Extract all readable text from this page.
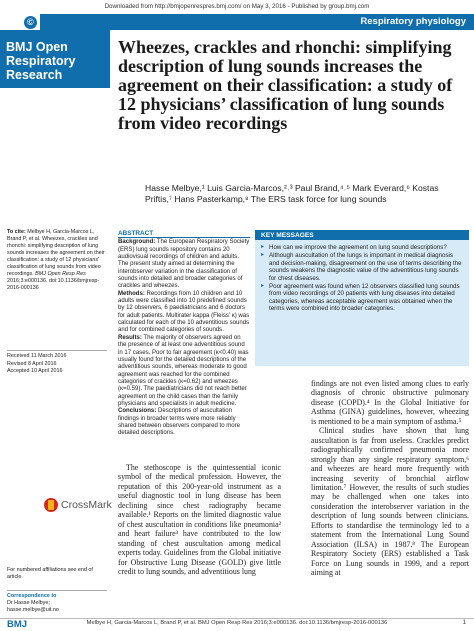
Downloaded from http://bmjopenrespres.bmj.com/ on May 3, 2016 - Published by group.bmj.com
Respiratory physiology
©
BMJ Open
Respiratory
Research
Wheezes, crackles and rhonchi: simplifying description of lung sounds increases the agreement on their classification: a study of 12 physicians’ classification of lung sounds from video recordings
Hasse Melbye,¹ Luis Garcia-Marcos,²˒³ Paul Brand,⁴˒⁵ Mark Everard,⁶ Kostas Priftis,⁷ Hans Pasterkamp,⁸ The ERS task force for lung sounds
To cite: Melbye H, Garcia-Marcos L, Brand P, et al. Wheezes, crackles and rhonchi: simplifying description of lung sounds increases the agreement on their classification: a study of 12 physicians’ classification of lung sounds from video recordings. BMJ Open Resp Res 2016;3:e000136. doi:10.1136/bmjresp-2016-000136
Received 11 March 2016
Revised 8 April 2016
Accepted 10 April 2016
ABSTRACT

Background: The European Respiratory Society (ERS) lung sounds repository contains 20 audiovisual recordings of children and adults. The present study aimed at determining the interobserver variation in the classification of sounds into detailed and broader categories of crackles and wheezes.

Methods: Recordings from 10 children and 10 adults were classified into 10 predefined sounds by 12 observers, 6 paediatricians and 6 doctors for adult patients. Multirater kappa (Fleiss’ κ) was calculated for each of the 10 adventitious sounds and for combined categories of sounds.

Results: The majority of observers agreed on the presence of at least one adventitious sound in 17 cases. Poor to fair agreement (κ<0.40) was usually found for the detailed descriptions of the adventitious sounds, whereas moderate to good agreement was reached for the combined categories of crackles (κ=0.62) and wheezes (κ=0.59). The paediatricians did not reach better agreement on the child cases than the family physicians and specialists in adult medicine.

Conclusions: Descriptions of auscultation findings in broader terms were more reliably shared between observers compared to more detailed descriptions.

KEY MESSAGES
▸ How can we improve the agreement on lung sound descriptions?
▸ Although auscultation of the lungs is important in medical diagnosis and decision-making, disagreement on the use of terms describing the sounds weakens the diagnostic value of the adventitious lung sounds for chest diseases.
▸ Poor agreement was found when 12 observers classified lung sounds from video recordings of 20 patients with lung diseases into detailed categories, whereas acceptable agreement was obtained when the terms were combined into broader categories.

The stethoscope is the quintessential iconic symbol of the medical profession. However, the reputation of this 200-year-old instrument as a useful diagnostic tool in lung disease has been declining since chest radiography became available.¹ Reports on the limited diagnostic value of chest auscultation in conditions like pneumonia² and heart failure³ have contributed to the low standing of chest auscultation among medical experts today. Guidelines from the Global initiative for Obstructive Lung Disease (GOLD) give little credit to lung sounds, and adventitious lung

CrossMark

findings are not even listed among clues to early diagnosis of chronic obstructive pulmonary disease (COPD).⁴ In the Global Initiative for Asthma (GINA) guidelines, however, wheezing is mentioned to be a main symptom of asthma.⁵

Clinical studies have shown that lung auscultation is far from useless. Crackles predict radiographically confirmed pneumonia more strongly than any single respiratory symptom,⁶ and wheezes are heard more frequently with increasing severity of bronchial airflow limitation.⁷ However, the results of such studies may be challenged when one takes into consideration the interobserver variation in the description of lung sounds between clinicians. Efforts to standardise the terminology led to a statement from the International Lung Sound Association (ILSA) in 1987.⁸ The European Respiratory Society (ERS) established a Task Force on Lung sounds in 1999, and a report aiming at

For numbered affiliations see end of article.
Correspondence to
Dr Hasse Melbye;
hasse.melbye@uit.no
BMJ	Melbye H, Garcia-Marcos L, Brand P, et al. BMJ Open Resp Res 2016;3:e000136. doi:10.1136/bmjresp-2016-000136	1
